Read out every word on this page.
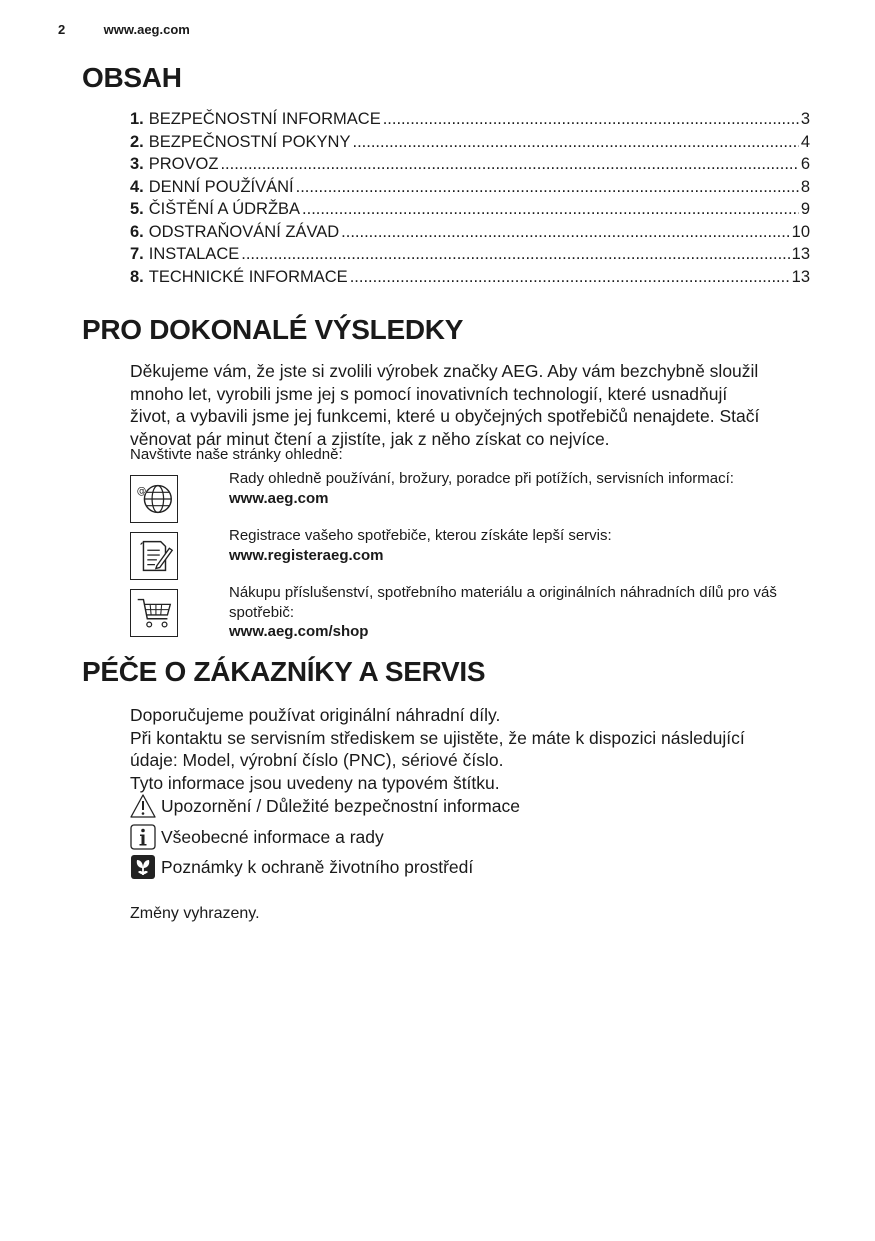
2	www.aeg.com
OBSAH
1. BEZPEČNOSTNÍ INFORMACE .....	3
2. BEZPEČNOSTNÍ POKYNY .....	4
3. PROVOZ .....	6
4. DENNÍ POUŽÍVÁNÍ .....	8
5. ČIŠTĚNÍ A ÚDRŽBA .....	9
6. ODSTRAŇOVÁNÍ ZÁVAD .....	10
7. INSTALACE .....	13
8. TECHNICKÉ INFORMACE .....	13
PRO DOKONALÉ VÝSLEDKY

Děkujeme vám, že jste si zvolili výrobek značky AEG. Aby vám bezchybně sloužil

mnoho let, vyrobili jsme jej s pomocí inovativních technologií, které usnadňují

život, a vybavili jsme jej funkcemi, které u obyčejných spotřebičů nenajdete. Stačí

věnovat pár minut čtení a zjistíte, jak z něho získat co nejvíce.

Navštivte naše stránky ohledně:
@
Rady ohledně používání, brožury, poradce při potížích, servisních informací:
www.aeg.com
Registrace vašeho spotřebiče, kterou získáte lepší servis:
www.registeraeg.com
Nákupu příslušenství, spotřebního materiálu a originálních náhradních dílů pro váš spotřebič:
www.aeg.com/shop
PÉČE O ZÁKAZNÍKY A SERVIS

Doporučujeme používat originální náhradní díly.

Při kontaktu se servisním střediskem se ujistěte, že máte k dispozici následující

údaje: Model, výrobní číslo (PNC), sériové číslo.

Tyto informace jsou uvedeny na typovém štítku.

Upozornění / Důležité bezpečnostní informace
Všeobecné informace a rady
Poznámky k ochraně životního prostředí
Změny vyhrazeny.
